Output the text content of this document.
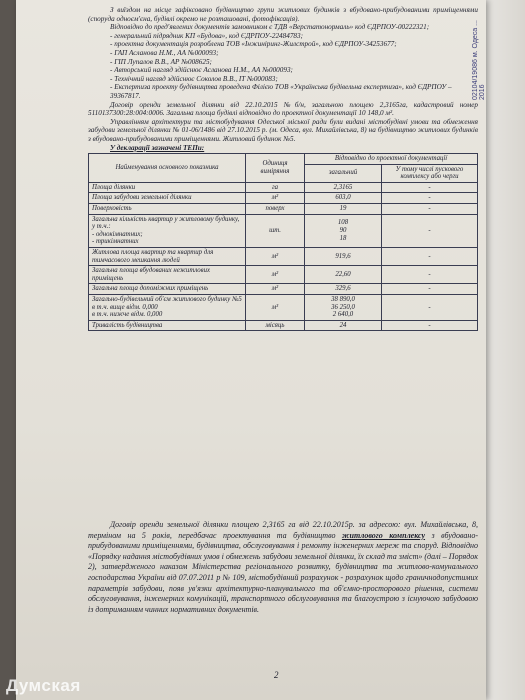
02104/19086 м. Одеса ... 2016

З виїздом на місце зафіксовано будівництво групи житлових будинків з вбудовано-прибудованими приміщеннями (споруда одноєм'єна, будівлі окремо не розташовані, фотофіксація).

Відповідно до пред'явлених документів замовником є ТДВ «Верстатонормаль» код ЄДРПОУ-00222321;

- генеральний підрядник КП «Будова», код ЄДРПОУ-22484783;
- проектна документація розроблена ТОВ «Інжиніринг-Жилстрой», код ЄДРПОУ-34253677;
- ГАП Асланова Н.М., АА №000093;
- ГІП Лупалов В.В., АР №008625;
- Авторський нагляд здійснює Асланова Н.М., АА №000093;
- Технічний нагляд здійснює Соколов В.В., ІТ №000083;
- Експертиза проекту будівництва проведена Філією ТОВ «Українська будівельна експертиза», код ЄДРПОУ – 39367817.

Договір оренди земельної ділянки від 22.10.2015 №б/н, загальною площею 2,3165га, кадастровий номер 5110137300:28:004:0006. Загальна площа будівлі відповідно до проектної документації 10 148,0 м².

Управлінням архітектури та містобудування Одеської міської ради були видані містобудівні умови та обмеження забудови земельної ділянки № 01-06/1486 від 27.10.2015 р. (м. Одеса, вул. Михайлівська, 8) на будівництво житлових будинків з вбудовано-прибудованими приміщеннями. Житловий будинок №5.

У декларації зазначені ТЕПи:

Найменування основного показника	Одиниця виміряння	Відповідно до проектної документації	
		загальний	У тому числі пускового комплексу або черги
Площа ділянки	га	2,3165	-
Площа забудови земельної ділянки	м²	603,0	-
Поверховість	поверх	19	-
Загальна кількість квартир у житловому будинку, у т.ч.:
- однокімнатних;
- трикімнатних	шт.	108
90
18	-
Житлова площа квартир та квартир для тимчасового мешкання людей	м²	919,6	-
Загальна площа вбудованих нежитлових приміщень	м²	22,60	-
Загальна площа допоміжних приміщень	м²	329,6	-
Загально-будівельний об'єм житлового будинку №5
в т.ч. вище відм. 0,000
в т.ч. нижче відм. 0,000	м³	38 890,0
36 250,0
2 640,0	-
Тривалість будівництва	місяць	24	-
Договір оренди земельної ділянки площею 2,3165 га від 22.10.2015р. за адресою: вул. Михайлівська, 8, терміном на 5 років, передбачає проектування та будівництво житлового комплексу з вбудовано-прибудованими приміщеннями, будівництва, обслуговування і ремонту інженерних мереж та споруд. Відповідно «Порядку надання містобудівних умов і обмежень забудови земельної ділянки, їх склад та зміст» (далі – Порядок 2), затвердженого наказом Міністерства регіонального розвитку, будівництва та житлово-комунального господарства України від 07.07.2011 р № 109, містобудівний розрахунок - розрахунок щодо граничнодопустимих параметрів забудови, появ ув'язки архітектурно-планувального та об'ємно-просторового рішення, системи обслуговування, інженерних комунікацій, транспортного обслуговування та благоустрою з існуючою забудовою із дотриманням чинних нормативних документів.
2
Думская
